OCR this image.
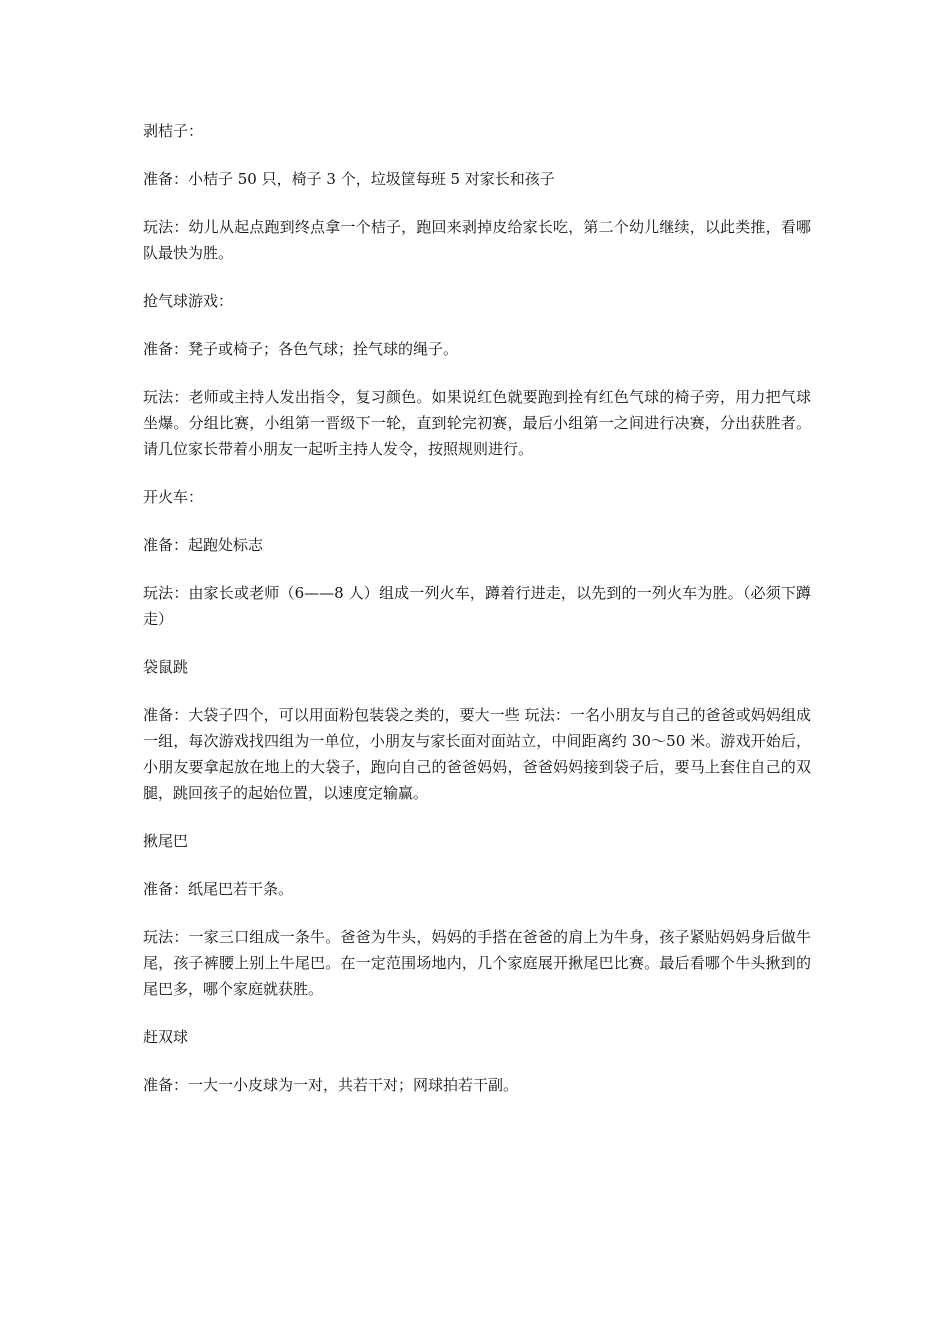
剥桔子：

准备：小桔子 50 只，椅子 3 个，垃圾筐每班 5 对家长和孩子

玩法：幼儿从起点跑到终点拿一个桔子，跑回来剥掉皮给家长吃，第二个幼儿继续，以此类推，看哪队最快为胜。

抢气球游戏：

准备：凳子或椅子；各色气球；拴气球的绳子。

玩法：老师或主持人发出指令，复习颜色。如果说红色就要跑到拴有红色气球的椅子旁，用力把气球坐爆。分组比赛，小组第一晋级下一轮，直到轮完初赛，最后小组第一之间进行决赛，分出获胜者。请几位家长带着小朋友一起听主持人发令，按照规则进行。

开火车：

准备：起跑处标志

玩法：由家长或老师（6——8 人）组成一列火车，蹲着行进走，以先到的一列火车为胜。（必须下蹲走）

袋鼠跳

准备：大袋子四个，可以用面粉包装袋之类的，要大一些 玩法：一名小朋友与自己的爸爸或妈妈组成一组，每次游戏找四组为一单位，小朋友与家长面对面站立，中间距离约 30～50 米。游戏开始后，小朋友要拿起放在地上的大袋子，跑向自己的爸爸妈妈，爸爸妈妈接到袋子后，要马上套住自己的双腿，跳回孩子的起始位置，以速度定输赢。

揪尾巴

准备：纸尾巴若干条。

玩法：一家三口组成一条牛。爸爸为牛头，妈妈的手搭在爸爸的肩上为牛身，孩子紧贴妈妈身后做牛尾，孩子裤腰上别上牛尾巴。在一定范围场地内，几个家庭展开揪尾巴比赛。最后看哪个牛头揪到的尾巴多，哪个家庭就获胜。

赶双球

准备：一大一小皮球为一对，共若干对；网球拍若干副。
